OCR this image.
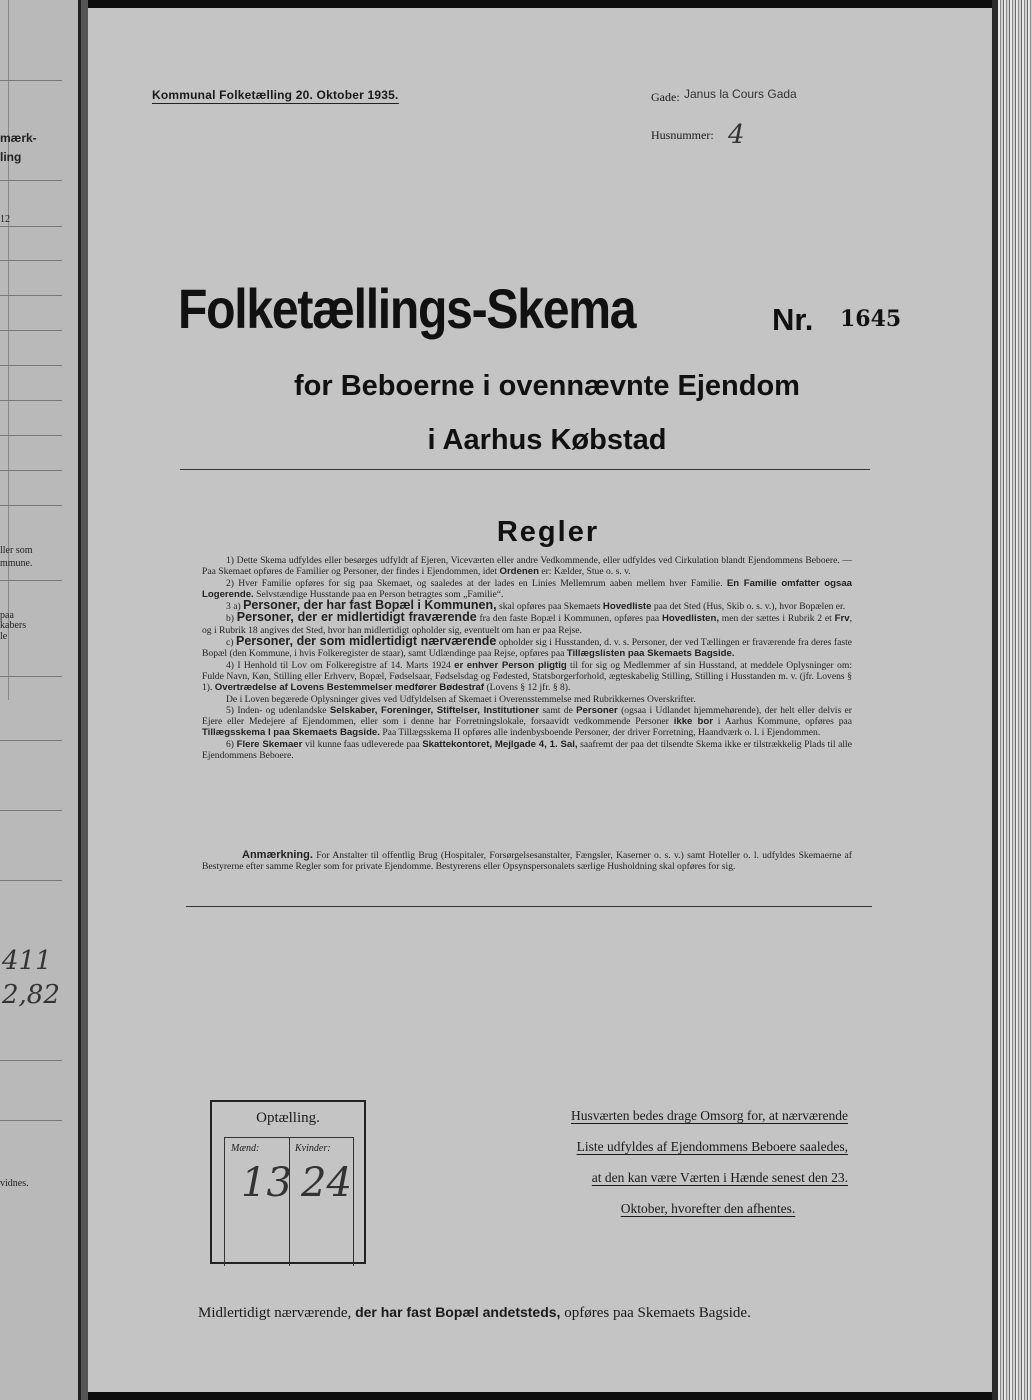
mærk-
ling
12
ller som
mmune.
paa
kabers
le
411
2,82
vidnes.
Kommunal Folketælling 20. Oktober 1935.	Gade: Janus la Cours Gada
Husnummer: 4
Folketællings-Skema	Nr. 1645
for Beboerne i ovennævnte Ejendom
i Aarhus Købstad
Regler

1) Dette Skema udfyldes eller besørges udfyldt af Ejeren, Viceværten eller andre Vedkommende, eller udfyldes ved Cirkulation blandt Ejendommens Beboere. — Paa Skemaet opføres de Familier og Personer, der findes i Ejendommen, idet Ordenen er: Kælder, Stue o. s. v.

2) Hver Familie opføres for sig paa Skemaet, og saaledes at der lades en Linies Mellemrum aaben mellem hver Familie. En Familie omfatter ogsaa Logerende. Selvstændige Husstande paa en Person betragtes som „Familie“.

3 a) Personer, der har fast Bopæl i Kommunen, skal opføres paa Skemaets Hovedliste paa det Sted (Hus, Skib o. s. v.), hvor Bopælen er.

b) Personer, der er midlertidigt fraværende fra den faste Bopæl i Kommunen, opføres paa Hovedlisten, men der sættes i Rubrik 2 et Frv, og i Rubrik 18 angives det Sted, hvor han midlertidigt opholder sig, eventuelt om han er paa Rejse.

c) Personer, der som midlertidigt nærværende opholder sig i Husstanden, d. v. s. Personer, der ved Tællingen er fraværende fra deres faste Bopæl (den Kommune, i hvis Folkeregister de staar), samt Udlændinge paa Rejse, opføres paa Tillægslisten paa Skemaets Bagside.

4) I Henhold til Lov om Folkeregistre af 14. Marts 1924 er enhver Person pligtig til for sig og Medlemmer af sin Husstand, at meddele Oplysninger om: Fulde Navn, Køn, Stilling eller Erhverv, Bopæl, Fødselsaar, Fødselsdag og Fødested, Statsborgerforhold, ægteskabelig Stilling, Stilling i Husstanden m. v. (jfr. Lovens § 1). Overtrædelse af Lovens Bestemmelser medfører Bødestraf (Lovens § 12 jfr. § 8).

De i Loven begærede Oplysninger gives ved Udfyldelsen af Skemaet i Overensstemmelse med Rubrikkernes Overskrifter.

5) Inden- og udenlandske Selskaber, Foreninger, Stiftelser, Institutioner samt de Personer (ogsaa i Udlandet hjemmehørende), der helt eller delvis er Ejere eller Medejere af Ejendommen, eller som i denne har Forretningslokale, forsaavidt vedkommende Personer ikke bor i Aarhus Kommune, opføres paa Tillægsskema I paa Skemaets Bagside. Paa Tillægsskema II opføres alle indenbysboende Personer, der driver Forretning, Haandværk o. l. i Ejendommen.

6) Flere Skemaer vil kunne faas udleverede paa Skattekontoret, Mejlgade 4, 1. Sal, saafremt der paa det tilsendte Skema ikke er tilstrækkelig Plads til alle Ejendommens Beboere.

Anmærkning. For Anstalter til offentlig Brug (Hospitaler, Forsørgelsesanstalter, Fængsler, Kaserner o. s. v.) samt Hoteller o. l. udfyldes Skemaerne af Bestyrerne efter samme Regler som for private Ejendomme. Bestyrerens eller Opsynspersonalets særlige Husholdning skal opføres for sig.
Optælling.
Mænd:	Kvinder:
13 24
Husværten bedes drage Omsorg for, at nærværende
Liste udfyldes af Ejendommens Beboere saaledes,
at den kan være Værten i Hænde senest den 23.
Oktober, hvorefter den afhentes.
Midlertidigt nærværende, der har fast Bopæl andetsteds, opføres paa Skemaets Bagside.
